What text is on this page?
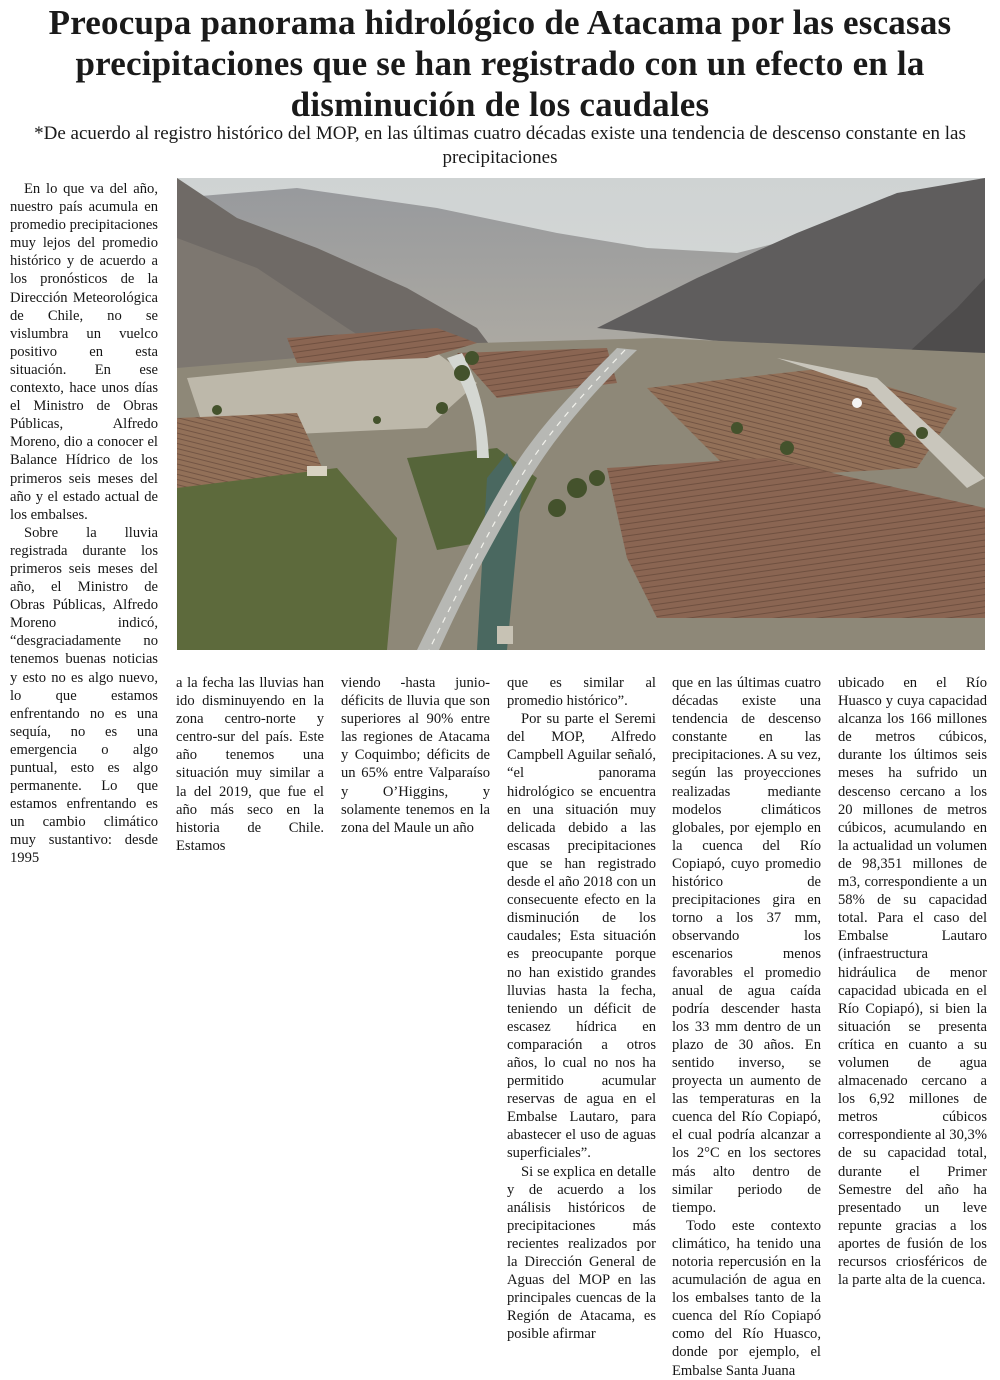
Preocupa panorama hidrológico de Atacama por las escasas precipitaciones que se han registrado con un efecto en la disminución de los caudales

*De acuerdo al registro histórico del MOP, en las últimas cuatro décadas existe una tendencia de descenso constante en las precipitaciones

En lo que va del año, nuestro país acumula en promedio precipitaciones muy lejos del promedio histórico y de acuerdo a los pronósticos de la Dirección Meteorológica de Chile, no se vislumbra un vuelco positivo en esta situación. En ese contexto, hace unos días el Ministro de Obras Públicas, Alfredo Moreno, dio a conocer el Balance Hídrico de los primeros seis meses del año y el estado actual de los embalses.

Sobre la lluvia registrada durante los primeros seis meses del año, el Ministro de Obras Públicas, Alfredo Moreno indicó, “desgraciadamente no tenemos buenas noticias y esto no es algo nuevo, lo que estamos enfrentando no es una sequía, no es una emergencia o algo puntual, esto es algo permanente. Lo que estamos enfrentando es un cambio climático muy sustantivo: desde 1995

a la fecha las lluvias han ido disminuyendo en la zona centro-norte y centro-sur del país. Este año tenemos una situación muy similar a la del 2019, que fue el año más seco en la historia de Chile. Estamos

viendo -hasta junio- déficits de lluvia que son superiores al 90% entre las regiones de Atacama y Coquimbo; déficits de un 65% entre Valparaíso y O’Higgins, y solamente tenemos en la zona del Maule un año

que es similar al promedio histórico”.

Por su parte el Seremi del MOP, Alfredo Campbell Aguilar señaló, “el panorama hidrológico se encuentra en una situación muy delicada debido a las escasas precipitaciones que se han registrado desde el año 2018 con un consecuente efecto en la disminución de los caudales; Esta situación es preocupante porque no han existido grandes lluvias hasta la fecha, teniendo un déficit de escasez hídrica en comparación a otros años, lo cual no nos ha permitido acumular reservas de agua en el Embalse Lautaro, para abastecer el uso de aguas superficiales”.

Si se explica en detalle y de acuerdo a los análisis históricos de precipitaciones más recientes realizados por la Dirección General de Aguas del MOP en las principales cuencas de la Región de Atacama, es posible afirmar

que en las últimas cuatro décadas existe una tendencia de descenso constante en las precipitaciones. A su vez, según las proyecciones realizadas mediante modelos climáticos globales, por ejemplo en la cuenca del Río Copiapó, cuyo promedio histórico de precipitaciones gira en torno a los 37 mm, observando los escenarios menos favorables el promedio anual de agua caída podría descender hasta los 33 mm dentro de un plazo de 30 años. En sentido inverso, se proyecta un aumento de las temperaturas en la cuenca del Río Copiapó, el cual podría alcanzar a los 2°C en los sectores más alto dentro de similar periodo de tiempo.

Todo este contexto climático, ha tenido una notoria repercusión en la acumulación de agua en los embalses tanto de la cuenca del Río Copiapó como del Río Huasco, donde por ejemplo, el Embalse Santa Juana

ubicado en el Río Huasco y cuya capacidad alcanza los 166 millones de metros cúbicos, durante los últimos seis meses ha sufrido un descenso cercano a los 20 millones de metros cúbicos, acumulando en la actualidad un volumen de 98,351 millones de m3, correspondiente a un 58% de su capacidad total. Para el caso del Embalse Lautaro (infraestructura hidráulica de menor capacidad ubicada en el Río Copiapó), si bien la situación se presenta crítica en cuanto a su volumen de agua almacenado cercano a los 6,92 millones de metros cúbicos correspondiente al 30,3% de su capacidad total, durante el Primer Semestre del año ha presentado un leve repunte gracias a los aportes de fusión de los recursos criosféricos de la parte alta de la cuenca.
